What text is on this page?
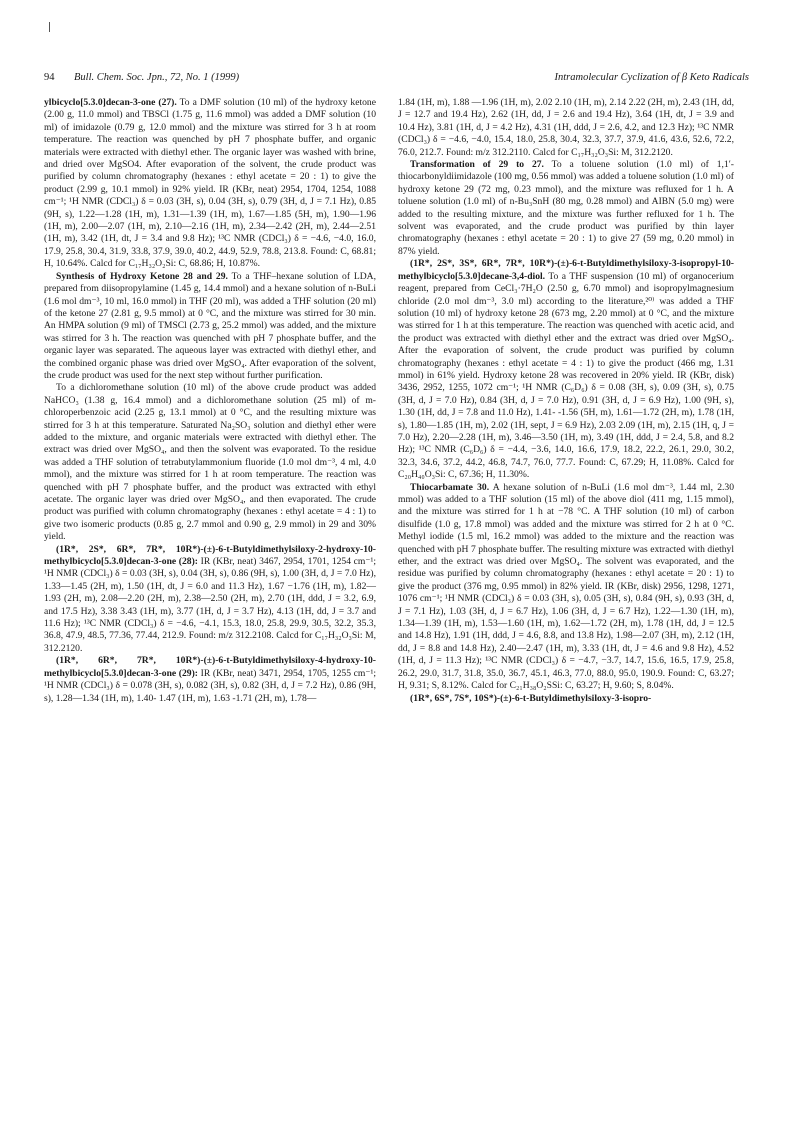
94 Bull. Chem. Soc. Jpn., 72, No. 1 (1999)	Intramolecular Cyclization of β Keto Radicals

ylbicyclo[5.3.0]decan-3-one (27). To a DMF solution (10 ml) of the hydroxy ketone (2.00 g, 11.0 mmol) and TBSCl (1.75 g, 11.6 mmol) was added a DMF solution (10 ml) of imidazole (0.79 g, 12.0 mmol) and the mixture was stirred for 3 h at room temperature. The reaction was quenched by pH 7 phosphate buffer, and organic materials were extracted with diethyl ether. The organic layer was washed with brine, and dried over MgSO4. After evaporation of the solvent, the crude product was purified by column chromatography (hexanes : ethyl acetate = 20 : 1) to give the product (2.99 g, 10.1 mmol) in 92% yield. IR (KBr, neat) 2954, 1704, 1254, 1088 cm⁻¹; ¹H NMR (CDCl₃) δ = 0.03 (3H, s), 0.04 (3H, s), 0.79 (3H, d, J = 7.1 Hz), 0.85 (9H, s), 1.22—1.28 (1H, m), 1.31—1.39 (1H, m), 1.67—1.85 (5H, m), 1.90—1.96 (1H, m), 2.00—2.07 (1H, m), 2.10—2.16 (1H, m), 2.34—2.42 (2H, m), 2.44—2.51 (1H, m), 3.42 (1H, dt, J = 3.4 and 9.8 Hz); ¹³C NMR (CDCl₃) δ = −4.6, −4.0, 16.0, 17.9, 25.8, 30.4, 31.9, 33.8, 37.9, 39.0, 40.2, 44.9, 52.9, 78.8, 213.8. Found: C, 68.81; H, 10.64%. Calcd for C₁₇H₃₂O₂Si: C, 68.86; H, 10.87%.

Synthesis of Hydroxy Ketone 28 and 29. To a THF–hexane solution of LDA, prepared from diisopropylamine (1.45 g, 14.4 mmol) and a hexane solution of n-BuLi (1.6 mol dm⁻³, 10 ml, 16.0 mmol) in THF (20 ml), was added a THF solution (20 ml) of the ketone 27 (2.81 g, 9.5 mmol) at 0 °C, and the mixture was stirred for 30 min. An HMPA solution (9 ml) of TMSCl (2.73 g, 25.2 mmol) was added, and the mixture was stirred for 3 h. The reaction was quenched with pH 7 phosphate buffer, and the organic layer was separated. The aqueous layer was extracted with diethyl ether, and the combined organic phase was dried over MgSO₄. After evaporation of the solvent, the crude product was used for the next step without further purification.

To a dichloromethane solution (10 ml) of the above crude product was added NaHCO₃ (1.38 g, 16.4 mmol) and a dichloromethane solution (25 ml) of m-chloroperbenzoic acid (2.25 g, 13.1 mmol) at 0 °C, and the resulting mixture was stirred for 3 h at this temperature. Saturated Na₂SO₃ solution and diethyl ether were added to the mixture, and organic materials were extracted with diethyl ether. The extract was dried over MgSO₄, and then the solvent was evaporated. To the residue was added a THF solution of tetrabutylammonium fluoride (1.0 mol dm⁻³, 4 ml, 4.0 mmol), and the mixture was stirred for 1 h at room temperature. The reaction was quenched with pH 7 phosphate buffer, and the product was extracted with ethyl acetate. The organic layer was dried over MgSO₄, and then evaporated. The crude product was purified with column chromatography (hexanes : ethyl acetate = 4 : 1) to give two isomeric products (0.85 g, 2.7 mmol and 0.90 g, 2.9 mmol) in 29 and 30% yield.

(1R*, 2S*, 6R*, 7R*, 10R*)-(±)-6-t-Butyldimethylsiloxy-2-hydroxy-10-methylbicyclo[5.3.0]decan-3-one (28): IR (KBr, neat) 3467, 2954, 1701, 1254 cm⁻¹; ¹H NMR (CDCl₃) δ = 0.03 (3H, s), 0.04 (3H, s), 0.86 (9H, s), 1.00 (3H, d, J = 7.0 Hz), 1.33—1.45 (2H, m), 1.50 (1H, dt, J = 6.0 and 11.3 Hz), 1.67 −1.76 (1H, m), 1.82—1.93 (2H, m), 2.08—2.20 (2H, m), 2.38—2.50 (2H, m), 2.70 (1H, ddd, J = 3.2, 6.9, and 17.5 Hz), 3.38 3.43 (1H, m), 3.77 (1H, d, J = 3.7 Hz), 4.13 (1H, dd, J = 3.7 and 11.6 Hz); ¹³C NMR (CDCl₃) δ = −4.6, −4.1, 15.3, 18.0, 25.8, 29.9, 30.5, 32.2, 35.3, 36.8, 47.9, 48.5, 77.36, 77.44, 212.9. Found: m/z 312.2108. Calcd for C₁₇H₃₂O₃Si: M, 312.2120.

(1R*, 6R*, 7R*, 10R*)-(±)-6-t-Butyldimethylsiloxy-4-hydroxy-10-methylbicyclo[5.3.0]decan-3-one (29): IR (KBr, neat) 3471, 2954, 1705, 1255 cm⁻¹; ¹H NMR (CDCl₃) δ = 0.078 (3H, s), 0.082 (3H, s), 0.82 (3H, d, J = 7.2 Hz), 0.86 (9H, s), 1.28—1.34 (1H, m), 1.40- 1.47 (1H, m), 1.63 -1.71 (2H, m), 1.78—

1.84 (1H, m), 1.88 —1.96 (1H, m), 2.02 2.10 (1H, m), 2.14 2.22 (2H, m), 2.43 (1H, dd, J = 12.7 and 19.4 Hz), 2.62 (1H, dd, J = 2.6 and 19.4 Hz), 3.64 (1H, dt, J = 3.9 and 10.4 Hz), 3.81 (1H, d, J = 4.2 Hz), 4.31 (1H, ddd, J = 2.6, 4.2, and 12.3 Hz); ¹³C NMR (CDCl₃) δ = −4.6, −4.0, 15.4, 18.0, 25.8, 30.4, 32.3, 37.7, 37.9, 41.6, 43.6, 52.6, 72.2, 76.0, 212.7. Found: m/z 312.2110. Calcd for C₁₇H₃₂O₃Si: M, 312.2120.

Transformation of 29 to 27. To a toluene solution (1.0 ml) of 1,1′-thiocarbonyldiimidazole (100 mg, 0.56 mmol) was added a toluene solution (1.0 ml) of hydroxy ketone 29 (72 mg, 0.23 mmol), and the mixture was refluxed for 1 h. A toluene solution (1.0 ml) of n-Bu₃SnH (80 mg, 0.28 mmol) and AIBN (5.0 mg) were added to the resulting mixture, and the mixture was further refluxed for 1 h. The solvent was evaporated, and the crude product was purified by thin layer chromatography (hexanes : ethyl acetate = 20 : 1) to give 27 (59 mg, 0.20 mmol) in 87% yield.

(1R*, 2S*, 3S*, 6R*, 7R*, 10R*)-(±)-6-t-Butyldimethylsiloxy-3-isopropyl-10-methylbicyclo[5.3.0]decane-3,4-diol. To a THF suspension (10 ml) of organocerium reagent, prepared from CeCl₃·7H₂O (2.50 g, 6.70 mmol) and isopropylmagnesium chloride (2.0 mol dm⁻³, 3.0 ml) according to the literature,²⁰⁾ was added a THF solution (10 ml) of hydroxy ketone 28 (673 mg, 2.20 mmol) at 0 °C, and the mixture was stirred for 1 h at this temperature. The reaction was quenched with acetic acid, and the product was extracted with diethyl ether and the extract was dried over MgSO₄. After the evaporation of solvent, the crude product was purified by column chromatography (hexanes : ethyl acetate = 4 : 1) to give the product (466 mg, 1.31 mmol) in 61% yield. Hydroxy ketone 28 was recovered in 20% yield. IR (KBr, disk) 3436, 2952, 1255, 1072 cm⁻¹; ¹H NMR (C₆D₆) δ = 0.08 (3H, s), 0.09 (3H, s), 0.75 (3H, d, J = 7.0 Hz), 0.84 (3H, d, J = 7.0 Hz), 0.91 (3H, d, J = 6.9 Hz), 1.00 (9H, s), 1.30 (1H, dd, J = 7.8 and 11.0 Hz), 1.41- -1.56 (5H, m), 1.61—1.72 (2H, m), 1.78 (1H, s), 1.80—1.85 (1H, m), 2.02 (1H, sept, J = 6.9 Hz), 2.03 2.09 (1H, m), 2.15 (1H, q, J = 7.0 Hz), 2.20—2.28 (1H, m), 3.46—3.50 (1H, m), 3.49 (1H, ddd, J = 2.4, 5.8, and 8.2 Hz); ¹³C NMR (C₆D₆) δ = −4.4, −3.6, 14.0, 16.6, 17.9, 18.2, 22.2, 26.1, 29.0, 30.2, 32.3, 34.6, 37.2, 44.2, 46.8, 74.7, 76.0, 77.7. Found: C, 67.29; H, 11.08%. Calcd for C₂₀H₄₀O₃Si: C, 67.36; H, 11.30%.

Thiocarbamate 30. A hexane solution of n-BuLi (1.6 mol dm⁻³, 1.44 ml, 2.30 mmol) was added to a THF solution (15 ml) of the above diol (411 mg, 1.15 mmol), and the mixture was stirred for 1 h at −78 °C. A THF solution (10 ml) of carbon disulfide (1.0 g, 17.8 mmol) was added and the mixture was stirred for 2 h at 0 °C. Methyl iodide (1.5 ml, 16.2 mmol) was added to the mixture and the reaction was quenched with pH 7 phosphate buffer. The resulting mixture was extracted with diethyl ether, and the extract was dried over MgSO₄. The solvent was evaporated, and the residue was purified by column chromatography (hexanes : ethyl acetate = 20 : 1) to give the product (376 mg, 0.95 mmol) in 82% yield. IR (KBr, disk) 2956, 1298, 1271, 1076 cm⁻¹; ¹H NMR (CDCl₃) δ = 0.03 (3H, s), 0.05 (3H, s), 0.84 (9H, s), 0.93 (3H, d, J = 7.1 Hz), 1.03 (3H, d, J = 6.7 Hz), 1.06 (3H, d, J = 6.7 Hz), 1.22—1.30 (1H, m), 1.34—1.39 (1H, m), 1.53—1.60 (1H, m), 1.62—1.72 (2H, m), 1.78 (1H, dd, J = 12.5 and 14.8 Hz), 1.91 (1H, ddd, J = 4.6, 8.8, and 13.8 Hz), 1.98—2.07 (3H, m), 2.12 (1H, dd, J = 8.8 and 14.8 Hz), 2.40—2.47 (1H, m), 3.33 (1H, dt, J = 4.6 and 9.8 Hz), 4.52 (1H, d, J = 11.3 Hz); ¹³C NMR (CDCl₃) δ = −4.7, −3.7, 14.7, 15.6, 16.5, 17.9, 25.8, 26.2, 29.0, 31.7, 31.8, 35.0, 36.7, 45.1, 46.3, 77.0, 88.0, 95.0, 190.9. Found: C, 63.27; H, 9.31; S, 8.12%. Calcd for C₂₁H₃₈O₂SSi: C, 63.27; H, 9.60; S, 8.04%.

(1R*, 6S*, 7S*, 10S*)-(±)-6-t-Butyldimethylsiloxy-3-isopro-
